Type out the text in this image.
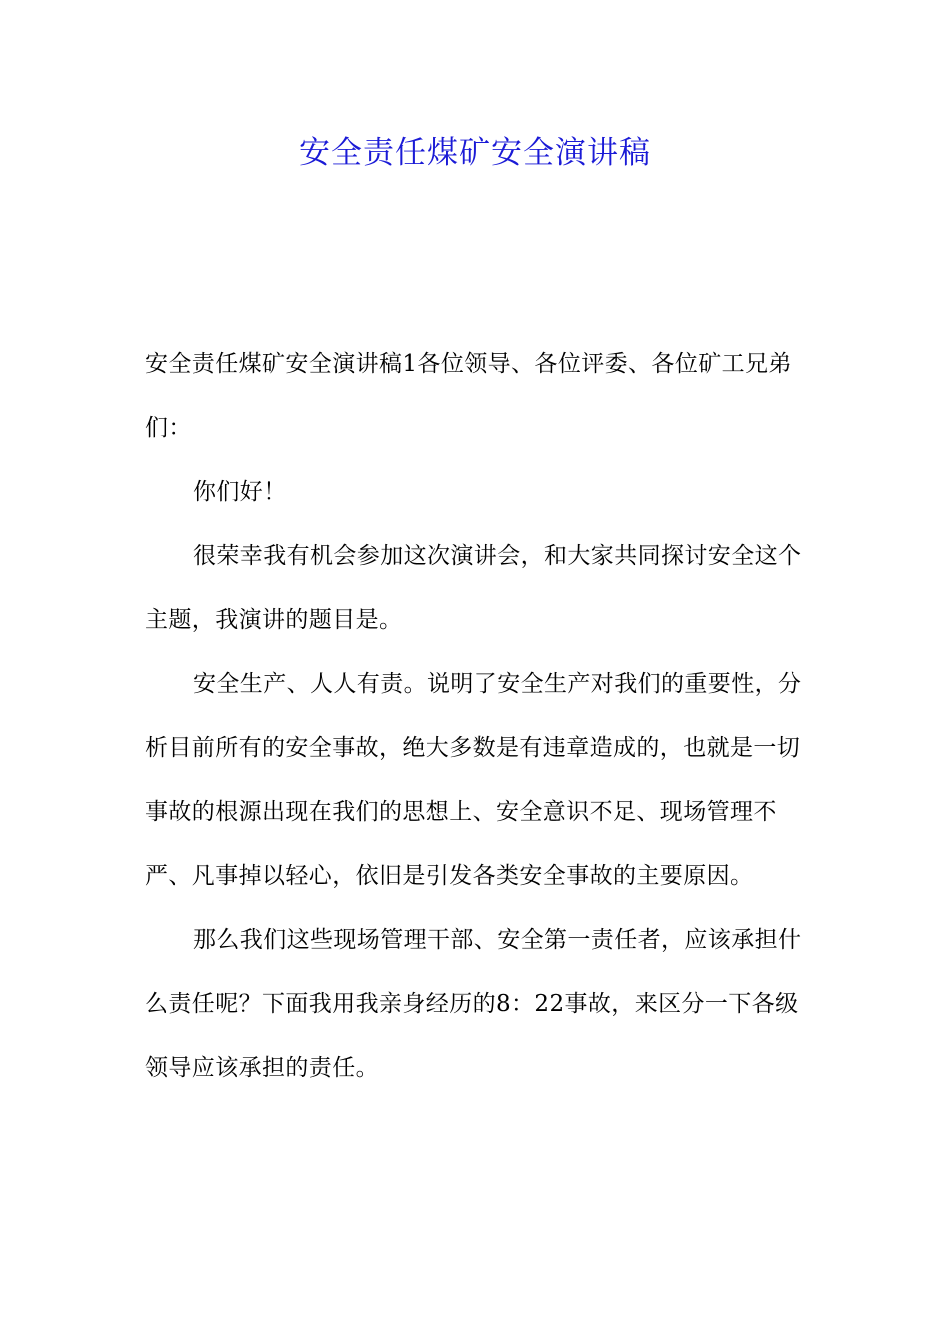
安全责任煤矿安全演讲稿

安全责任煤矿安全演讲稿1各位领导、各位评委、各位矿工兄弟们：

你们好！

很荣幸我有机会参加这次演讲会，和大家共同探讨安全这个主题，我演讲的题目是。

安全生产、人人有责。说明了安全生产对我们的重要性，分析目前所有的安全事故，绝大多数是有违章造成的，也就是一切事故的根源出现在我们的思想上、安全意识不足、现场管理不严、凡事掉以轻心，依旧是引发各类安全事故的主要原因。

那么我们这些现场管理干部、安全第一责任者，应该承担什么责任呢？下面我用我亲身经历的8：22事故，来区分一下各级领导应该承担的责任。
